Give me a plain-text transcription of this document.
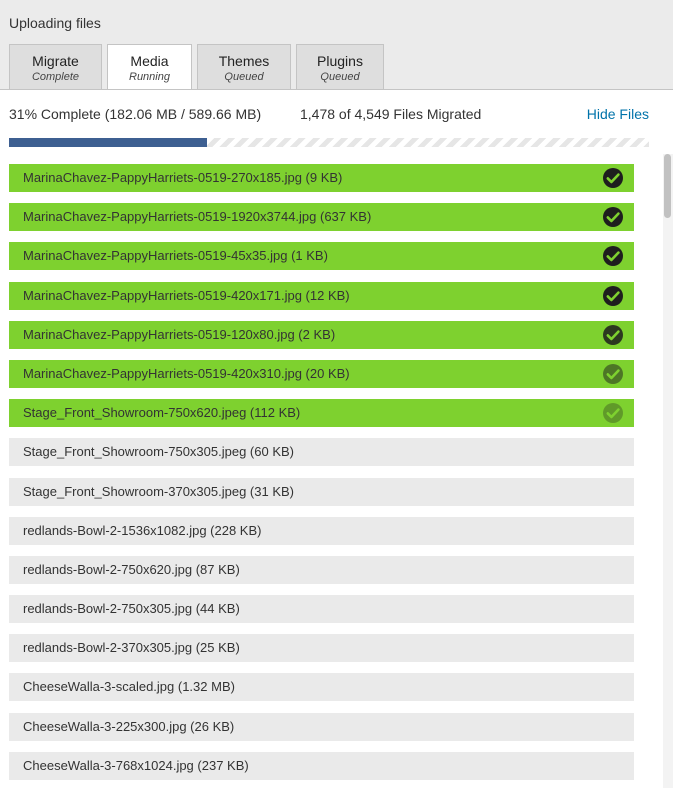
Uploading files
Migrate
Complete
Media
Running
Themes
Queued
Plugins
Queued
31% Complete (182.06 MB / 589.66 MB)	1,478 of 4,549 Files Migrated	Hide Files
MarinaChavez-PappyHarriets-0519-270x185.jpg (9 KB)
MarinaChavez-PappyHarriets-0519-1920x3744.jpg (637 KB)
MarinaChavez-PappyHarriets-0519-45x35.jpg (1 KB)
MarinaChavez-PappyHarriets-0519-420x171.jpg (12 KB)
MarinaChavez-PappyHarriets-0519-120x80.jpg (2 KB)
MarinaChavez-PappyHarriets-0519-420x310.jpg (20 KB)
Stage_Front_Showroom-750x620.jpeg (112 KB)
Stage_Front_Showroom-750x305.jpeg (60 KB)
Stage_Front_Showroom-370x305.jpeg (31 KB)
redlands-Bowl-2-1536x1082.jpg (228 KB)
redlands-Bowl-2-750x620.jpg (87 KB)
redlands-Bowl-2-750x305.jpg (44 KB)
redlands-Bowl-2-370x305.jpg (25 KB)
CheeseWalla-3-scaled.jpg (1.32 MB)
CheeseWalla-3-225x300.jpg (26 KB)
CheeseWalla-3-768x1024.jpg (237 KB)
